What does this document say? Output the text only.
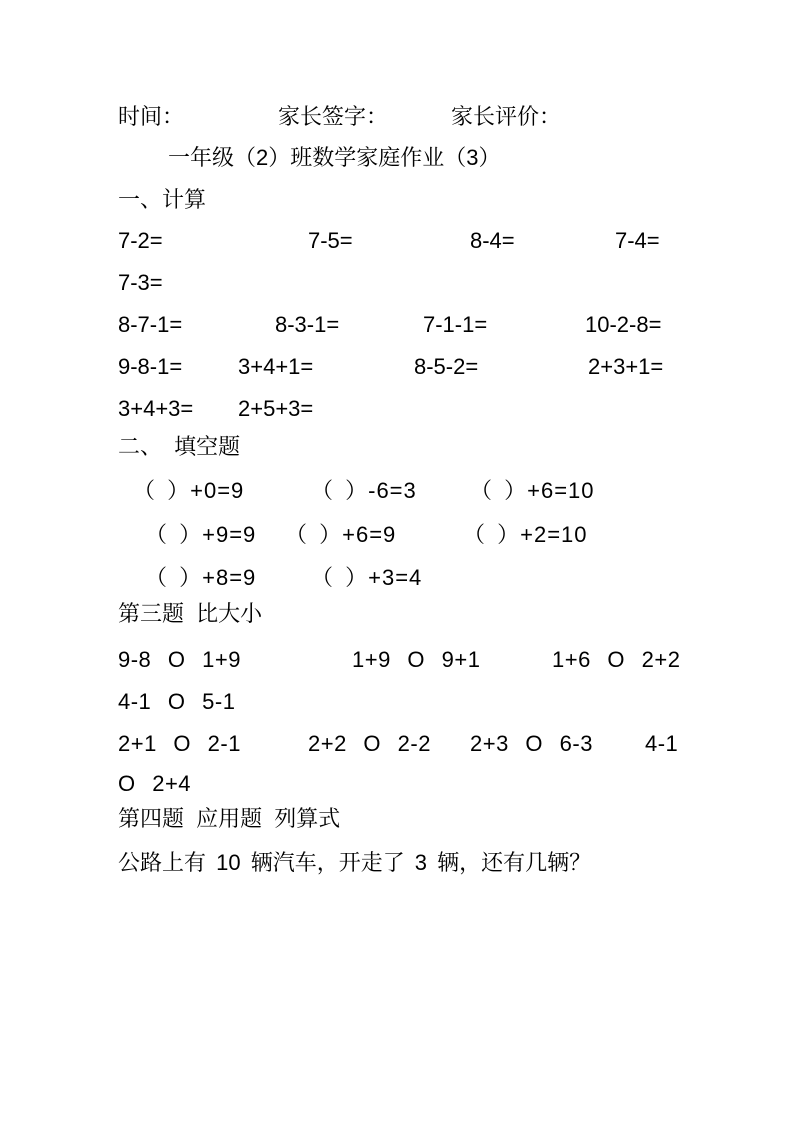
时间：	家长签字：	家长评价：
一年级（2）班数学家庭作业（3）
一、计算
7-2=	7-5=	8-4=	7-4=
7-3=
8-7-1=	8-3-1=	7-1-1=	10-2-8=
9-8-1=	3+4+1=	8-5-2=	2+3+1=
3+4+3= 2+5+3=
二、 填空题
（ ）+0=9	（ ）-6=3 （ ）+6=10
（ ）+9=9 （ ）+6=9	（ ）+2=10
（ ）+8=9 （ ）+3=4
第三题 比大小
9-8 O 1+9	1+9 O 9+1	1+6 O 2+2
4-1 O 5-1
2+1 O 2-1	2+2 O 2-2 2+3 O 6-3 4-1
O 2+4
第四题 应用题 列算式
公路上有 10 辆汽车，开走了 3 辆，还有几辆？
